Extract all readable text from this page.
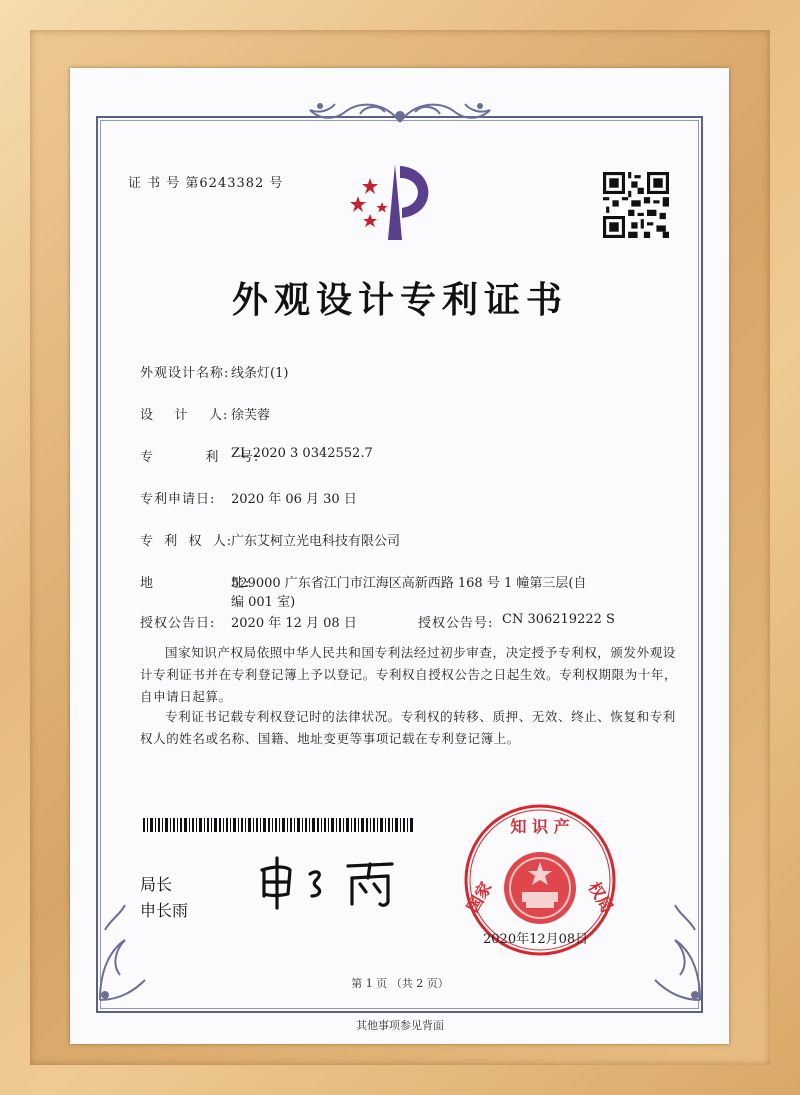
证 书 号 第6243382 号
外观设计专利证书
外观设计名称: 线条灯(1)
设    计    人: 徐芙蓉
专          利    号:
ZL 2020 3 0342552.7
专利申请日: 2020 年 06 月 30 日
专  利  权  人:
广东艾柯立光电科技有限公司
地               址:
529000 广东省江门市江海区高新西路 168 号 1 幢第三层(自
编 001 室)
授权公告日: 2020 年 12 月 08 日	授权公告号: CN 306219222 S
国家知识产权局依照中华人民共和国专利法经过初步审查，决定授予专利权，颁发外观设计专利证书并在专利登记簿上予以登记。专利权自授权公告之日起生效。专利权期限为十年，自申请日起算。
专利证书记载专利权登记时的法律状况。专利权的转移、质押、无效、终止、恢复和专利权人的姓名或名称、国籍、地址变更等事项记载在专利登记簿上。
局长
申长雨
知 识 产
国家	权局
2020年12月08日
第 1 页 （共 2 页）
其他事项参见背面
